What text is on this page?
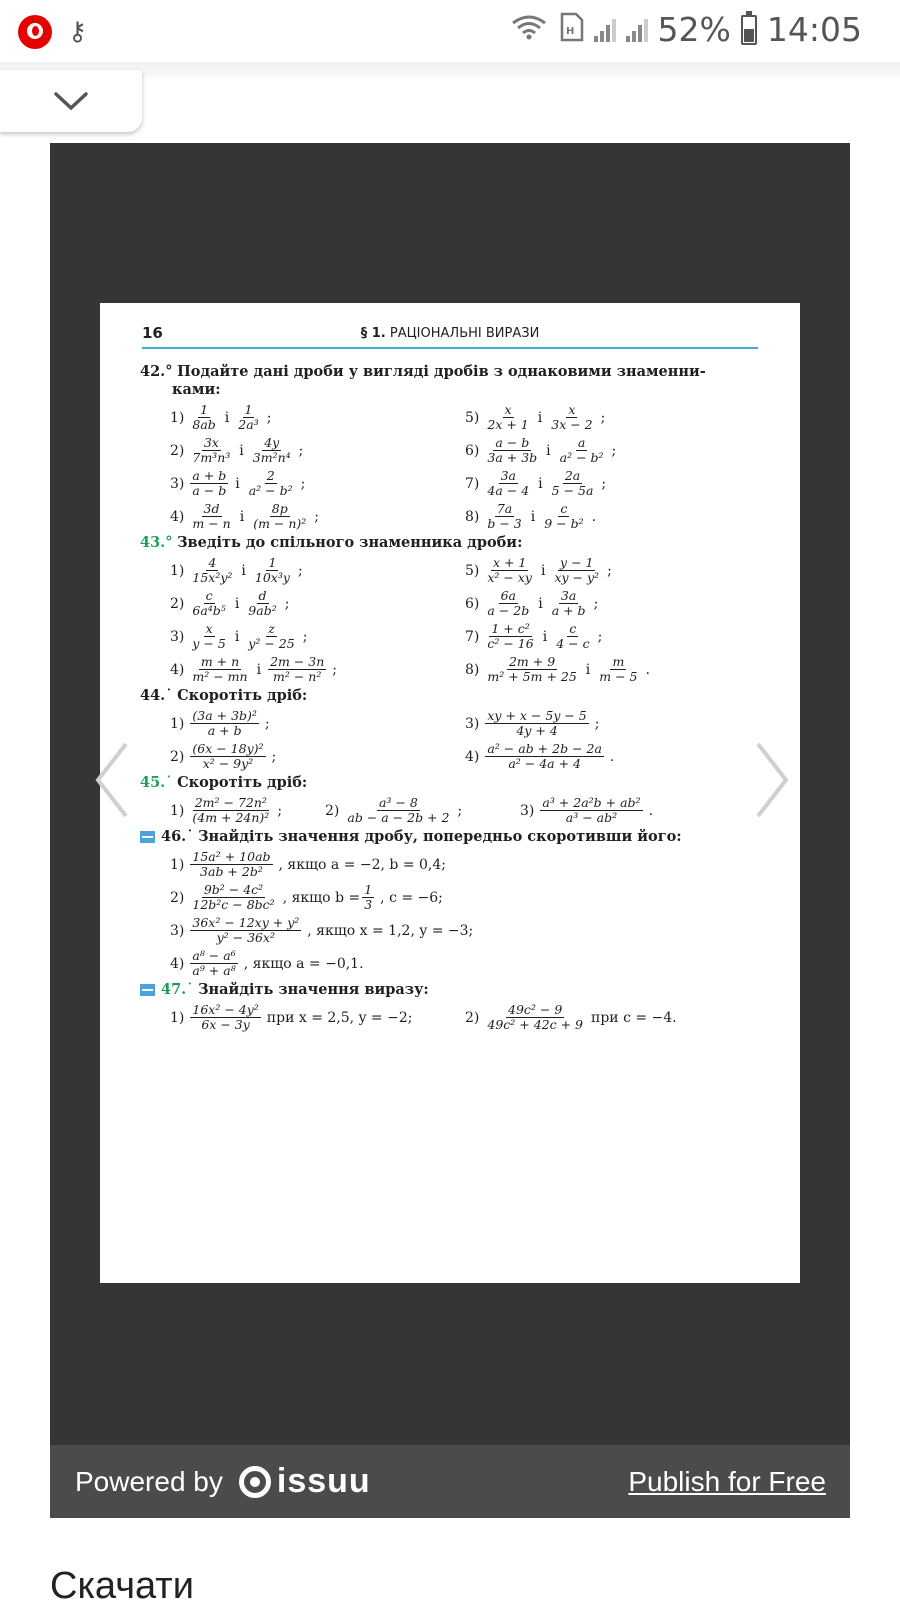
⚷	H	52% 14:05
16	§ 1. РАЦІОНАЛЬНІ ВИРАЗИ
42.° Подайте дані дроби у вигляді дробів з однаковими знаменни-
ками:
$1) \frac{1}{8ab}$ і $\frac{1}{\text{2a³}}$ ;	$5) \frac{x}{2x + 1}$ і $\frac{x}{3x - 2}$ ;
$2) \frac{3x}{\text{7m³n³}}$ і $\frac{4y}{\text{3m²n⁴}}$ ;	$6) \frac{a - b}{3a + 3b}$ і $\frac{a}{\text{a² − b²}}$ ;
$3) \frac{a + b}{a - b}$ і $\frac{2}{\text{a² − b²}}$ ;	$7) \frac{3a}{4a - 4}$ і $\frac{2a}{5 - 5a}$ ;
$4) \frac{3d}{m - n}$ і $\frac{8p}{\text{(m − n)²}}$ ;	$8) \frac{7a}{b - 3}$ і $\frac{c}{\text{9 − b²}}$ .
43.° Зведіть до спільного знаменника дроби:
$1) \frac{4}{\text{15x²y²}}$ і $\frac{1}{\text{10x³y}}$ ;	$5) \frac{x + 1}{\text{x² − xy}}$ і $\frac{y - 1}{\text{xy − y²}}$ ;
$2) \frac{c}{\text{6a⁴b⁵}}$ і $\frac{d}{\text{9ab²}}$ ;	$6) \frac{6a}{a - 2b}$ і $\frac{3a}{a + b}$ ;
$3) \frac{x}{y - 5}$ і $\frac{z}{\text{y² − 25}}$ ;	$7) \frac{\text{1 + c²}}{\text{c² − 16}}$ і $\frac{c}{4 - c}$ ;
$4) \frac{m + n}{\text{m² − mn}}$ і $\frac{2m - 3n}{\text{m² − n²}}$ ;	$8) \frac{2m + 9}{\text{m² + 5m + 25}}$ і $\frac{m}{m - 5}$ .
44.˙ Скоротіть дріб:
$1) \frac{\text{(3a + 3b)²}}{a + b}$ ;	$3) \frac{xy + x - 5y - 5}{4y + 4}$ ;
$2) \frac{\text{(6x − 18y)²}}{\text{x² − 9y²}}$ ;	$4) \frac{\text{a² − ab + 2b − 2a}}{\text{a² − 4a + 4}}$ .
45.˙ Скоротіть дріб:
$1) \frac{\text{2m² − 72n²}}{\text{(4m + 24n)²}}$ ;	$2) \frac{\text{a³ − 8}}{ab - a - 2b + 2}$ ;	$3) \frac{\text{a³ + 2a²b + ab²}}{\text{a³ − ab²}}$ .
46.˙ Знайдіть значення дробу, попередньо скоротивши його:
$1) \frac{\text{15a² + 10ab}}{\text{3ab + 2b²}}$ , якщо a = −2, b = 0,4;
$2) \frac{\text{9b² − 4c²}}{\text{12b²c − 8bc²}}$ , якщо $b = \frac{1}{3}$ , c = −6;
$3) \frac{\text{36x² − 12xy + y²}}{\text{y² − 36x²}}$ , якщо x = 1,2, y = −3;
$4) \frac{\text{a⁸ − a⁶}}{\text{a⁹ + a⁸}}$ , якщо a = −0,1.
47.˙ Знайдіть значення виразу:
$1) \frac{\text{16x² − 4y²}}{6x - 3y}$ при x = 2,5, y = −2;	$2) \frac{\text{49c² − 9}}{\text{49c² + 42c + 9}}$ при c = −4.
Powered by issuu	Publish for Free
Скачати
